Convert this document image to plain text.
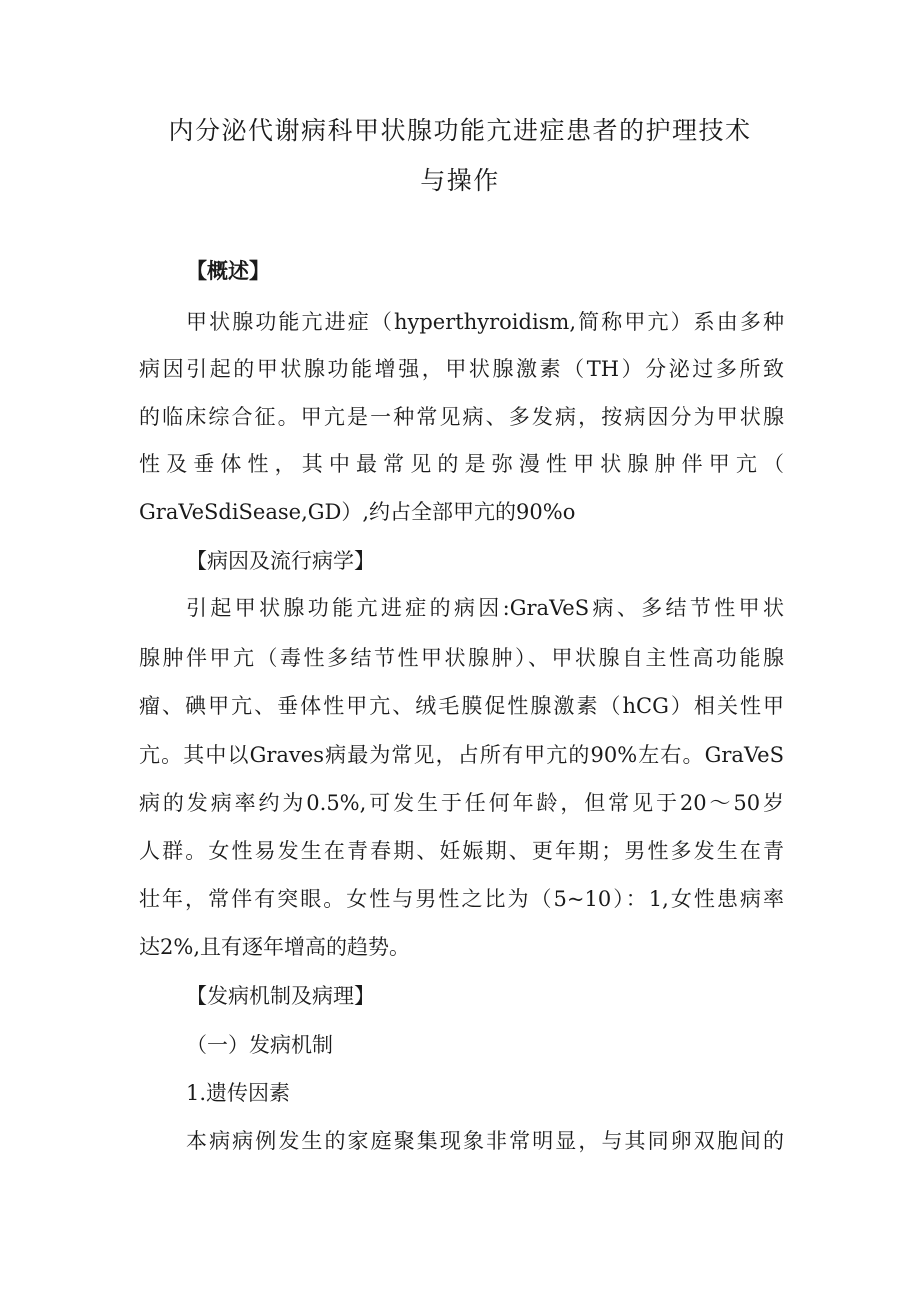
内分泌代谢病科甲状腺功能亢进症患者的护理技术
与操作

【概述】

甲状腺功能亢进症（hyperthyroidism,简称甲亢）系由多种

病因引起的甲状腺功能增强，甲状腺激素（TH）分泌过多所致

的临床综合征。甲亢是一种常见病、多发病，按病因分为甲状腺

性及垂体性，其中最常见的是弥漫性甲状腺肿伴甲亢（

GraVeSdiSease,GD）,约占全部甲亢的90%o

【病因及流行病学】

引起甲状腺功能亢进症的病因:GraVeS病、多结节性甲状

腺肿伴甲亢（毒性多结节性甲状腺肿）、甲状腺自主性高功能腺

瘤、碘甲亢、垂体性甲亢、绒毛膜促性腺激素（hCG）相关性甲

亢。其中以Graves病最为常见，占所有甲亢的90%左右。GraVeS

病的发病率约为0.5%,可发生于任何年龄，但常见于20～50岁

人群。女性易发生在青春期、妊娠期、更年期；男性多发生在青

壮年，常伴有突眼。女性与男性之比为（5~10）：1,女性患病率

达2%,且有逐年增高的趋势。

【发病机制及病理】

（一）发病机制

1.遗传因素

本病病例发生的家庭聚集现象非常明显，与其同卵双胞间的
